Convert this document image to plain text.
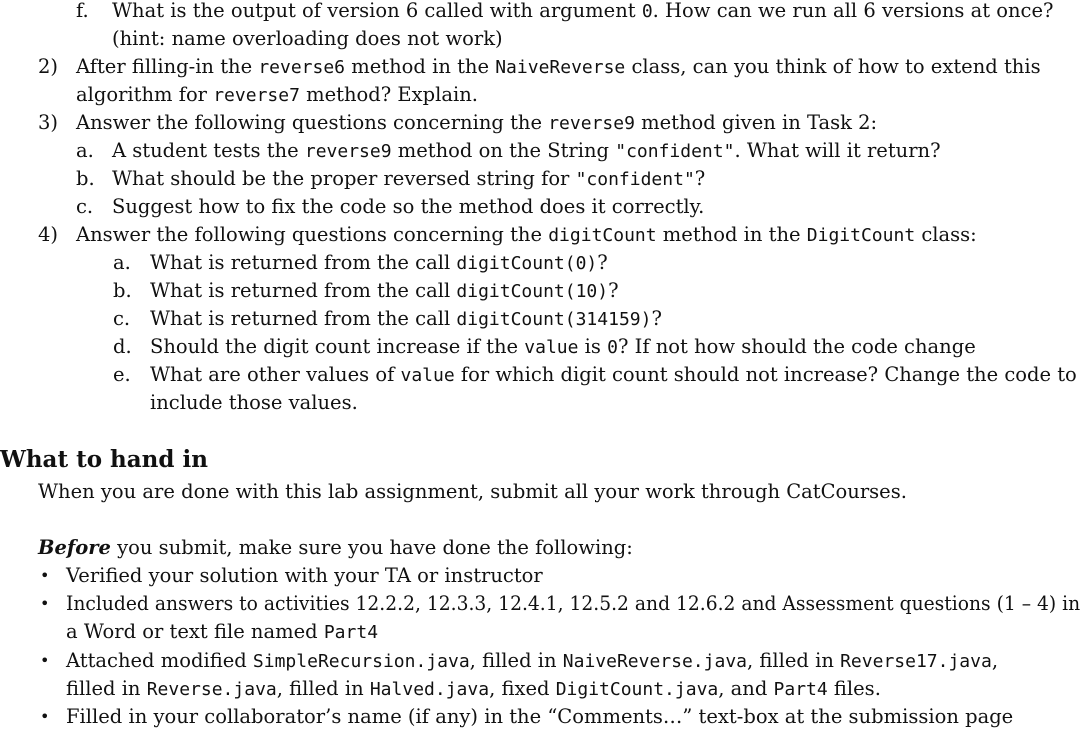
f. What is the output of version 6 called with argument 0. How can we run all 6 versions at once?
(hint: name overloading does not work)
2) After filling-in the reverse6 method in the NaiveReverse class, can you think of how to extend this
algorithm for reverse7 method? Explain.
3) Answer the following questions concerning the reverse9 method given in Task 2:
a. A student tests the reverse9 method on the String "confident". What will it return?
b. What should be the proper reversed string for "confident"?
c. Suggest how to fix the code so the method does it correctly.
4) Answer the following questions concerning the digitCount method in the DigitCount class:
a. What is returned from the call digitCount(0)?
b. What is returned from the call digitCount(10)?
c. What is returned from the call digitCount(314159)?
d. Should the digit count increase if the value is 0? If not how should the code change
e. What are other values of value for which digit count should not increase? Change the code to
include those values.
What to hand in
When you are done with this lab assignment, submit all your work through CatCourses.
Before you submit, make sure you have done the following:
• Verified your solution with your TA or instructor
• Included answers to activities 12.2.2, 12.3.3, 12.4.1, 12.5.2 and 12.6.2 and Assessment questions (1 – 4) in
a Word or text file named Part4
• Attached modified SimpleRecursion.java, filled in NaiveReverse.java, filled in Reverse17.java,
filled in Reverse.java, filled in Halved.java, fixed DigitCount.java, and Part4 files.
• Filled in your collaborator’s name (if any) in the “Comments…” text-box at the submission page
